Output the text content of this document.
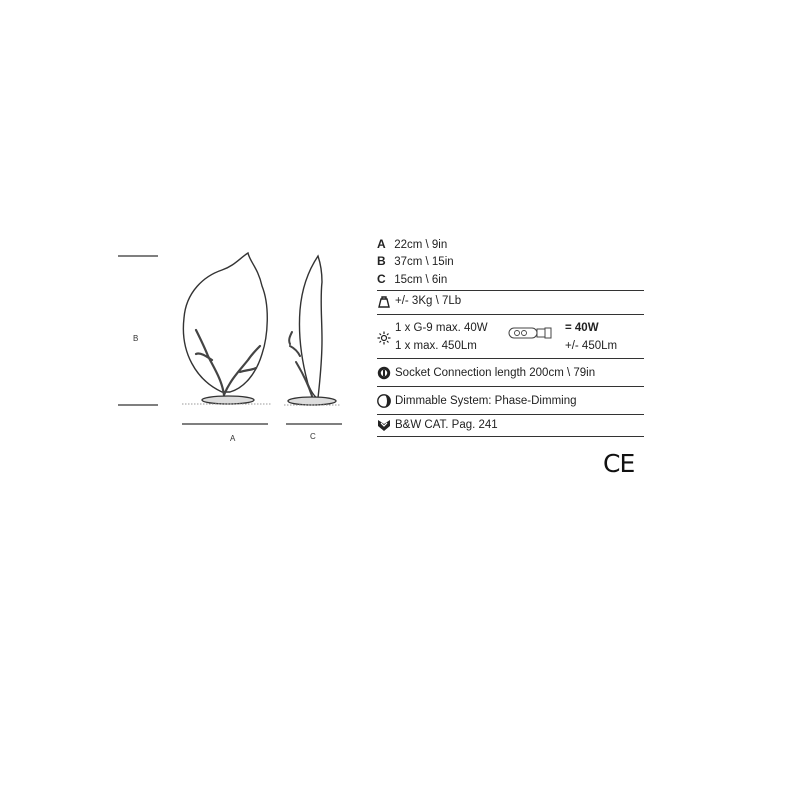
B
A	C
A 22cm \ 9in
B 37cm \ 15in
C 15cm \ 6in
+/- 3Kg \ 7Lb
1 x G-9 max. 40W
1 x max. 450Lm
= 40W
+/- 450Lm
Socket Connection length 200cm \ 79in
Dimmable System: Phase-Dimming
B&W CAT. Pag. 241
CE
